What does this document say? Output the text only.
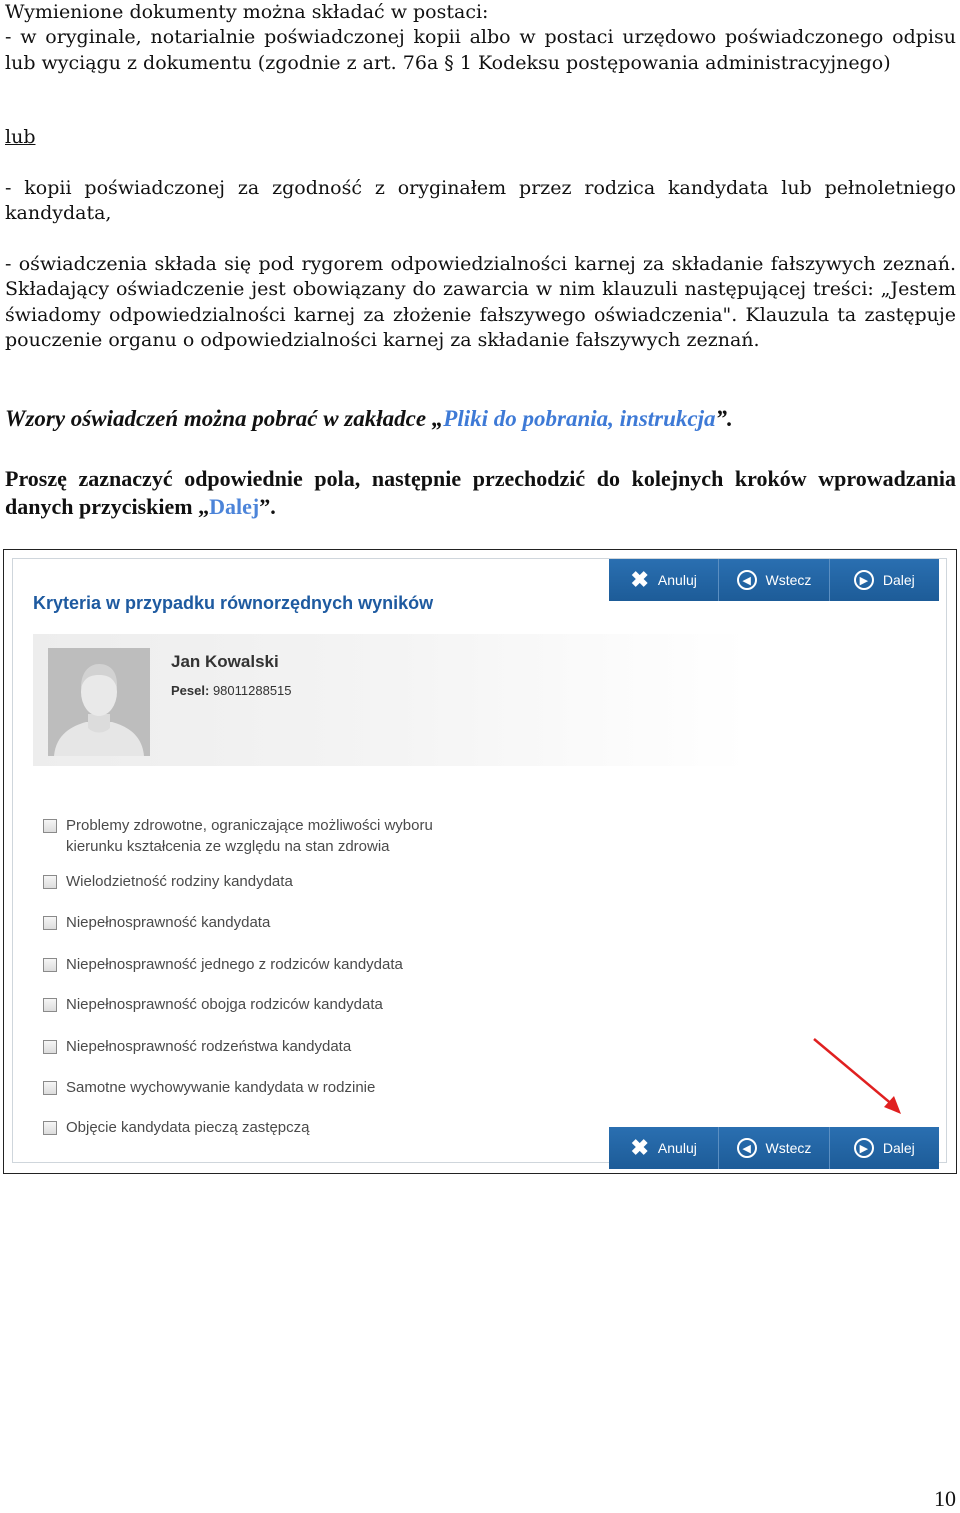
Wymienione dokumenty można składać w postaci:
- w oryginale, notarialnie poświadczonej kopii albo w postaci urzędowo poświadczonego odpisu lub wyciągu z dokumentu (zgodnie z art. 76a § 1 Kodeksu postępowania administracyjnego)
lub
- kopii poświadczonej za zgodność z oryginałem przez rodzica kandydata lub pełnoletniego kandydata,
- oświadczenia składa się pod rygorem odpowiedzialności karnej za składanie fałszywych zeznań. Składający oświadczenie jest obowiązany do zawarcia w nim klauzuli następującej treści: „Jestem świadomy odpowiedzialności karnej za złożenie fałszywego oświadczenia". Klauzula ta zastępuje pouczenie organu o odpowiedzialności karnej za składanie fałszywych zeznań.
Wzory oświadczeń można pobrać w zakładce „Pliki do pobrania, instrukcja”.
Proszę zaznaczyć odpowiednie pola, następnie przechodzić do kolejnych kroków wprowadzania danych przyciskiem „Dalej”.
✖ Anuluj	◀	Wstecz	▶	Dalej
Kryteria w przypadku równorzędnych wyników
Jan Kowalski
Pesel: 98011288515
Problemy zdrowotne, ograniczające możliwości wyboru kierunku kształcenia ze względu na stan zdrowia
Wielodzietność rodziny kandydata
Niepełnosprawność kandydata
Niepełnosprawność jednego z rodziców kandydata
Niepełnosprawność obojga rodziców kandydata
Niepełnosprawność rodzeństwa kandydata
Samotne wychowywanie kandydata w rodzinie
Objęcie kandydata pieczą zastępczą
✖ Anuluj	◀	Wstecz	▶	Dalej
10
